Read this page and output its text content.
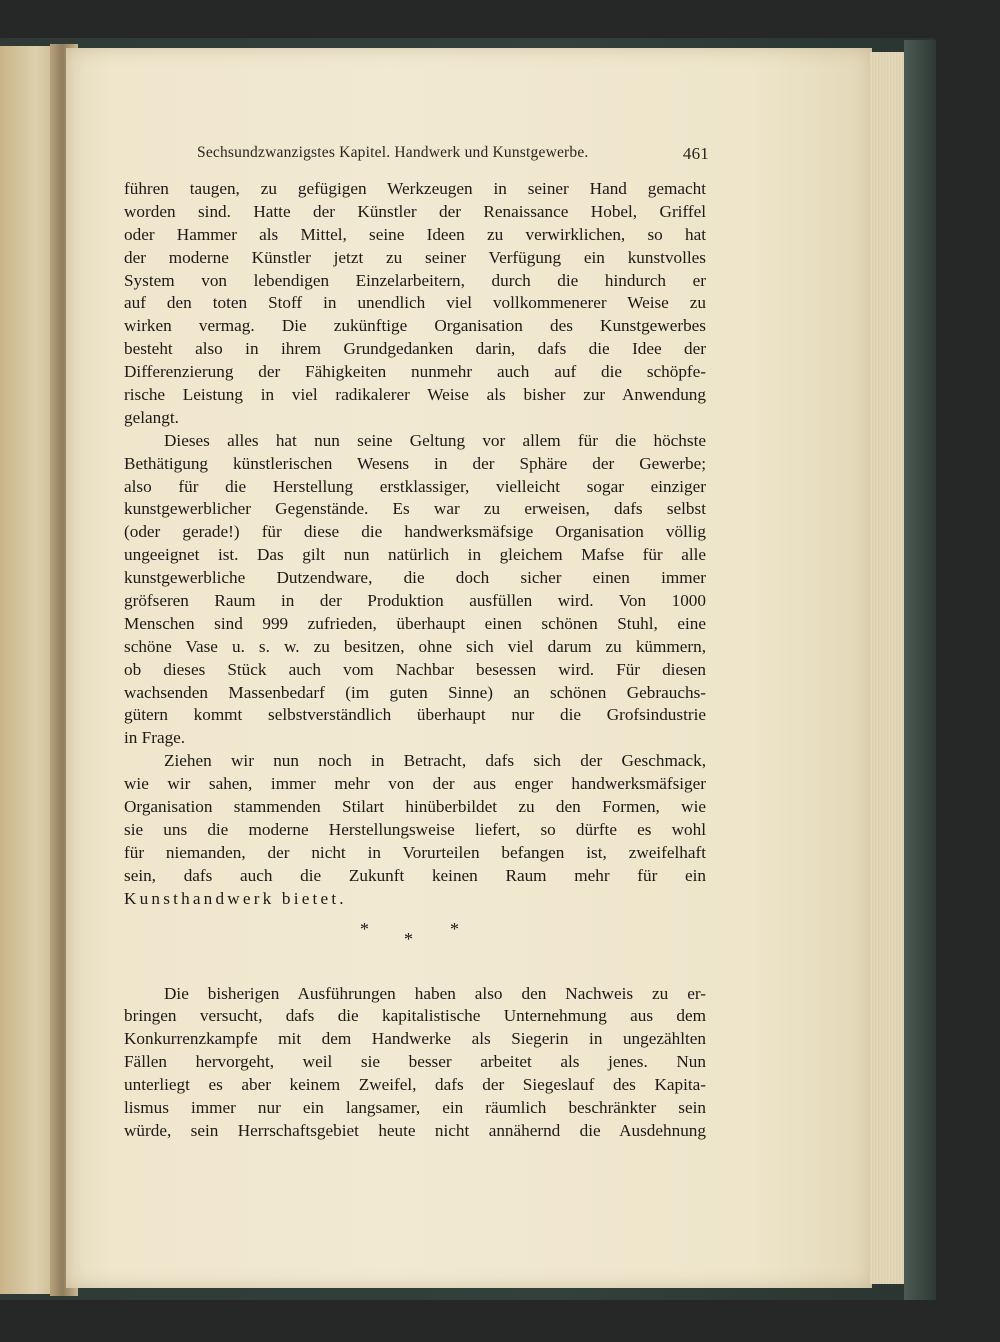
Sechsundzwanzigstes Kapitel. Handwerk und Kunstgewerbe.	461
führen taugen, zu gefügigen Werkzeugen in seiner Hand gemacht
worden sind. Hatte der Künstler der Renaissance Hobel, Griffel
oder Hammer als Mittel, seine Ideen zu verwirklichen, so hat
der moderne Künstler jetzt zu seiner Verfügung ein kunstvolles
System von lebendigen Einzelarbeitern, durch die hindurch er
auf den toten Stoff in unendlich viel vollkommenerer Weise zu
wirken vermag. Die zukünftige Organisation des Kunstgewerbes
besteht also in ihrem Grundgedanken darin, dafs die Idee der
Differenzierung der Fähigkeiten nunmehr auch auf die schöpfe-
rische Leistung in viel radikalerer Weise als bisher zur Anwendung
gelangt.
Dieses alles hat nun seine Geltung vor allem für die höchste
Bethätigung künstlerischen Wesens in der Sphäre der Gewerbe;
also für die Herstellung erstklassiger, vielleicht sogar einziger
kunstgewerblicher Gegenstände. Es war zu erweisen, dafs selbst
(oder gerade!) für diese die handwerksmäfsige Organisation völlig
ungeeignet ist. Das gilt nun natürlich in gleichem Mafse für alle
kunstgewerbliche Dutzendware, die doch sicher einen immer
gröfseren Raum in der Produktion ausfüllen wird. Von 1000
Menschen sind 999 zufrieden, überhaupt einen schönen Stuhl, eine
schöne Vase u. s. w. zu besitzen, ohne sich viel darum zu kümmern,
ob dieses Stück auch vom Nachbar besessen wird. Für diesen
wachsenden Massenbedarf (im guten Sinne) an schönen Gebrauchs-
gütern kommt selbstverständlich überhaupt nur die Grofsindustrie
in Frage.
Ziehen wir nun noch in Betracht, dafs sich der Geschmack,
wie wir sahen, immer mehr von der aus enger handwerksmäfsiger
Organisation stammenden Stilart hinüberbildet zu den Formen, wie
sie uns die moderne Herstellungsweise liefert, so dürfte es wohl
für niemanden, der nicht in Vorurteilen befangen ist, zweifelhaft
sein, dafs auch die Zukunft keinen Raum mehr für ein
Kunsthandwerk bietet.
* * *
Die bisherigen Ausführungen haben also den Nachweis zu er-
bringen versucht, dafs die kapitalistische Unternehmung aus dem
Konkurrenzkampfe mit dem Handwerke als Siegerin in ungezählten
Fällen hervorgeht, weil sie besser arbeitet als jenes. Nun
unterliegt es aber keinem Zweifel, dafs der Siegeslauf des Kapita-
lismus immer nur ein langsamer, ein räumlich beschränkter sein
würde, sein Herrschaftsgebiet heute nicht annähernd die Ausdehnung
